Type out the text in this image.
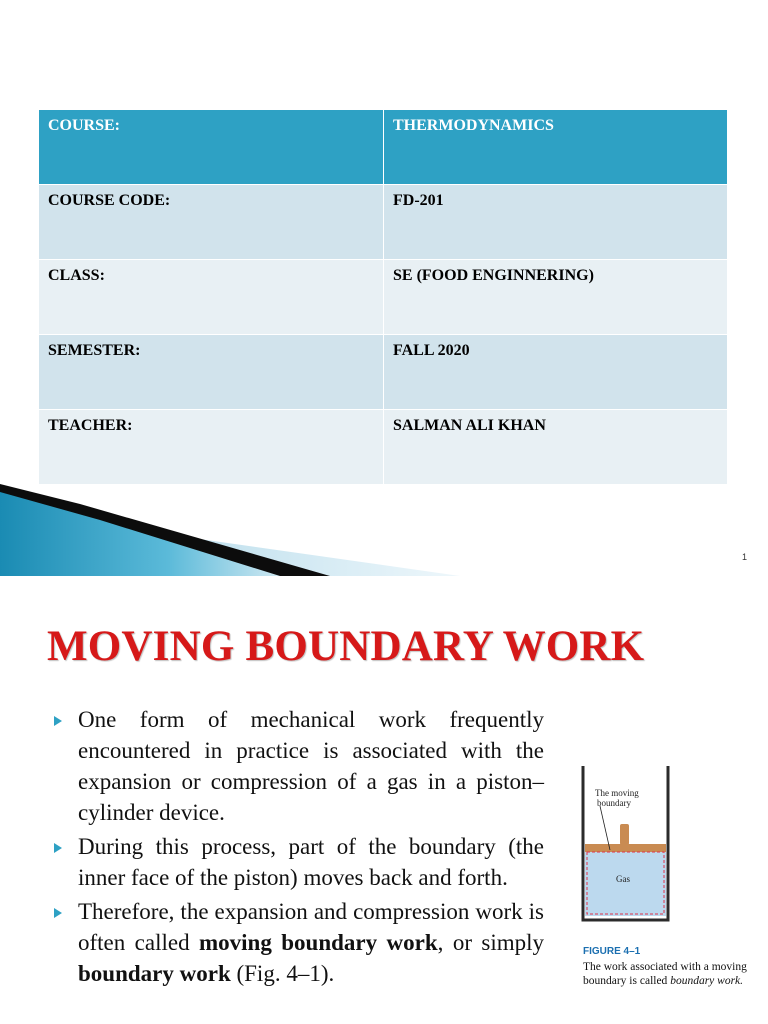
COURSE:	THERMODYNAMICS
COURSE CODE:	FD-201
CLASS:	SE (FOOD ENGINNERING)
SEMESTER:	FALL 2020
TEACHER:	SALMAN ALI KHAN
1
MOVING BOUNDARY WORK
One form of mechanical work frequently encountered in practice is associated with the expansion or compression of a gas in a piston–cylinder device.
During this process, part of the boundary (the inner face of the piston) moves back and forth.
Therefore, the expansion and compression work is often called moving boundary work, or simply boundary work (Fig. 4–1).
The moving
boundary
Gas
FIGURE 4–1
The work associated with a moving boundary is called boundary work.
